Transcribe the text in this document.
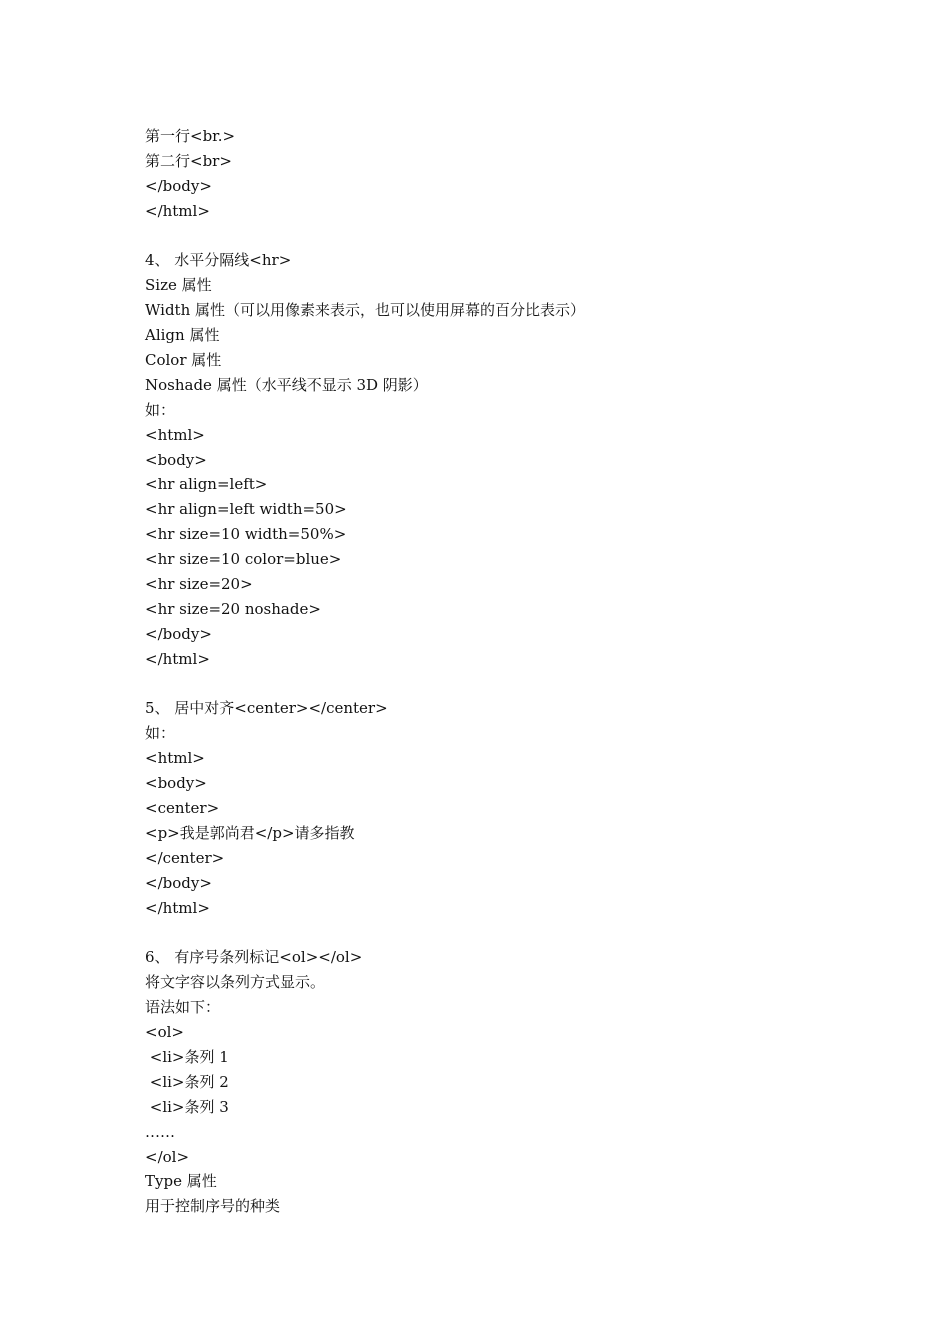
第一行<br.>
第二行<br>
</body>
</html>
4、 水平分隔线<hr>
Size 属性
Width 属性（可以用像素来表示，也可以使用屏幕的百分比表示）
Align 属性
Color 属性
Noshade 属性（水平线不显示 3D 阴影）
如：
<html>
<body>
<hr align=left>
<hr align=left width=50>
<hr size=10 width=50%>
<hr size=10 color=blue>
<hr size=20>
<hr size=20 noshade>
</body>
</html>
5、 居中对齐<center></center>
如：
<html>
<body>
<center>
<p>我是郭尚君</p>请多指教
</center>
</body>
</html>
6、 有序号条列标记<ol></ol>
将文字容以条列方式显示。
语法如下：
<ol>
<li>条列 1
<li>条列 2
<li>条列 3
……
</ol>
Type 属性
用于控制序号的种类
